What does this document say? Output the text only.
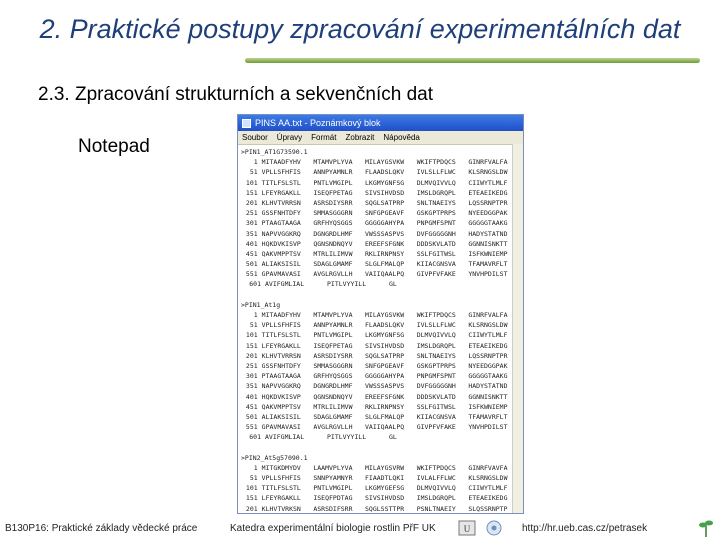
2. Praktické postupy zpracování experimentálních dat
2.3. Zpracování strukturních a sekvenčních dat
Notepad
PINS AA.txt - Poznámkový blok
Soubor Úpravy Formát Zobrazit Nápověda
>PIN1_AT1G73590.1
1 MITAADFYHV	MTAMVPLYVA	MILAYGSVKW	WKIFTPDQCS	GINRFVALFA
51 VPLLSFHFIS	ANNPYAMNLR	FLAADSLQKV	IVLSLLFLWC	KLSRNGSLDW
101 TITLFSLSTL	PNTLVMGIPL	LKGMYGNFSG	DLMVQIVVLQ	CIIWYTLMLF
151 LFEYRGAKLL	ISEQFPETAG	SIVSIHVDSD	IMSLDGRQPL	ETEAEIKEDG
201 KLHVTVRRSN	ASRSDIYSRR	SQGLSATPRP	SNLTNAEIYS	LQSSRNPTPR
251 GSSFNHTDFY	SMMASGGGRN	SNFGPGEAVF	GSKGPTPRPS	NYEEDGGPAK
301 PTAAGTAAGA	GRFHYQSGGS	GGGGGAHYPA	PNPGMFSPNT	GGGGGTAAKG
351 NAPVVGGKRQ	DGNGRDLHMF	VWSSSASPVS	DVFGGGGGNH	HADYSTATND
401 HQKDVKISVP	QGNSNDNQYV	EREEFSFGNK	DDDSKVLATD	GGNNISNKTT
451 QAKVMPPTSV	MTRLILIMVW	RKLIRNPNSY	SSLFGITWSL	ISFKWNIEMP
501 ALIAKSISIL	SDAGLGMAMF	SLGLFMALQP	KIIACGNSVA	TFAMAVRFLT
551 GPAVMAVASI	AVGLRGVLLH	VAIIQAALPQ	GIVPFVFAKE	YNVHPDILST
601 AVIFGMLIAL	PITLVYYILL	GL
>PIN1_At1g
1 MITAADFYHV	MTAMVPLYVA	MILAYGSVKW	WKIFTPDQCS	GINRFVALFA
51 VPLLSFHFIS	ANNPYAMNLR	FLAADSLQKV	IVLSLLFLWC	KLSRNGSLDW
101 TITLFSLSTL	PNTLVMGIPL	LKGMYGNFSG	DLMVQIVVLQ	CIIWYTLMLF
151 LFEYRGAKLL	ISEQFPETAG	SIVSIHVDSD	IMSLDGRQPL	ETEAEIKEDG
201 KLHVTVRRSN	ASRSDIYSRR	SQGLSATPRP	SNLTNAEIYS	LQSSRNPTPR
251 GSSFNHTDFY	SMMASGGGRN	SNFGPGEAVF	GSKGPTPRPS	NYEEDGGPAK
301 PTAAGTAAGA	GRFHYQSGGS	GGGGGAHYPA	PNPGMFSPNT	GGGGGTAAKG
351 NAPVVGGKRQ	DGNGRDLHMF	VWSSSASPVS	DVFGGGGGNH	HADYSTATND
401 HQKDVKISVP	QGNSNDNQYV	EREEFSFGNK	DDDSKVLATD	GGNNISNKTT
451 QAKVMPPTSV	MTRLILIMVW	RKLIRNPNSY	SSLFGITWSL	ISFKWNIEMP
501 ALIAKSISIL	SDAGLGMAMF	SLGLFMALQP	KIIACGNSVA	TFAMAVRFLT
551 GPAVMAVASI	AVGLRGVLLH	VAIIQAALPQ	GIVPFVFAKE	YNVHPDILST
601 AVIFGMLIAL	PITLVYYILL	GL
>PIN2_At5g57090.1
1 MITGKDMYDV	LAAMVPLYVA	MILAYGSVRW	WKIFTPDQCS	GINRFVAVFA
51 VPLLSFHFIS	SNNPYAMNYR	FIAADTLQKI	IVLALFFLWC	KLSRNGSLDW
101 TITLFSLSTL	PNTLVMGIPL	LKGMYGEFSG	DLMVQIVVLQ	CIIWYTLMLF
151 LFEYRGAKLL	ISEQFPDTAG	SIVSIHVDSD	IMSLDGRQPL	ETEAEIKEDG
201 KLHVTVRKSN	ASRSDIFSRR	SQGLSSTTPR	PSNLTNAEIY	SLQSSRNPTP
B130P16: Praktické základy vědecké práce	Katedra experimentální biologie rostlin PřF UK	U	http://hr.ueb.cas.cz/petrasek
